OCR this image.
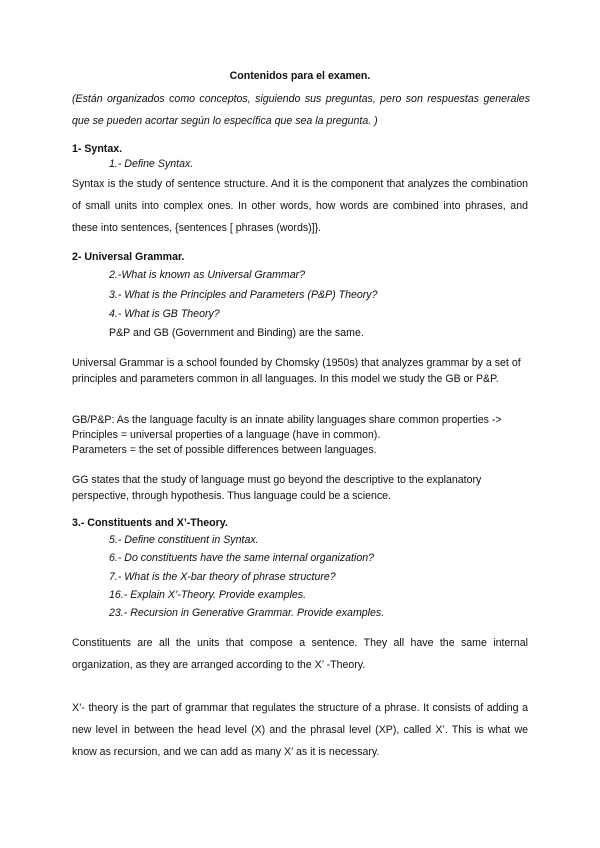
Contenidos para el examen.
(Están organizados como conceptos, siguiendo sus preguntas, pero son respuestas generales que se pueden acortar según lo específica que sea la pregunta. )
1- Syntax.
1.- Define Syntax.
Syntax is the study of sentence structure. And it is the component that analyzes the combination of small units into complex ones. In other words, how words are combined into phrases, and these into sentences, {sentences [ phrases (words)]}.
2- Universal Grammar.
2.-What is known as Universal Grammar?
3.- What is the Principles and Parameters (P&P) Theory?
4.- What is GB Theory?
P&P and GB (Government and Binding) are the same.
Universal Grammar is a school founded by Chomsky (1950s) that analyzes grammar by a set of principles and parameters common in all languages. In this model we study the GB or P&P.
GB/P&P: As the language faculty is an innate ability languages share common properties ->
Principles = universal properties of a language (have in common).
Parameters = the set of possible differences between languages.
GG states that the study of language must go beyond the descriptive to the explanatory perspective, through hypothesis. Thus language could be a science.
3.- Constituents and X’-Theory.
5.- Define constituent in Syntax.
6.- Do constituents have the same internal organization?
7.- What is the X-bar theory of phrase structure?
16.- Explain X’-Theory. Provide examples.
23.- Recursion in Generative Grammar. Provide examples.
Constituents are all the units that compose a sentence. They all have the same internal organization, as they are arranged according to the X’ -Theory.
X’- theory is the part of grammar that regulates the structure of a phrase. It consists of adding a new level in between the head level (X) and the phrasal level (XP), called X’. This is what we know as recursion, and we can add as many X’ as it is necessary.
